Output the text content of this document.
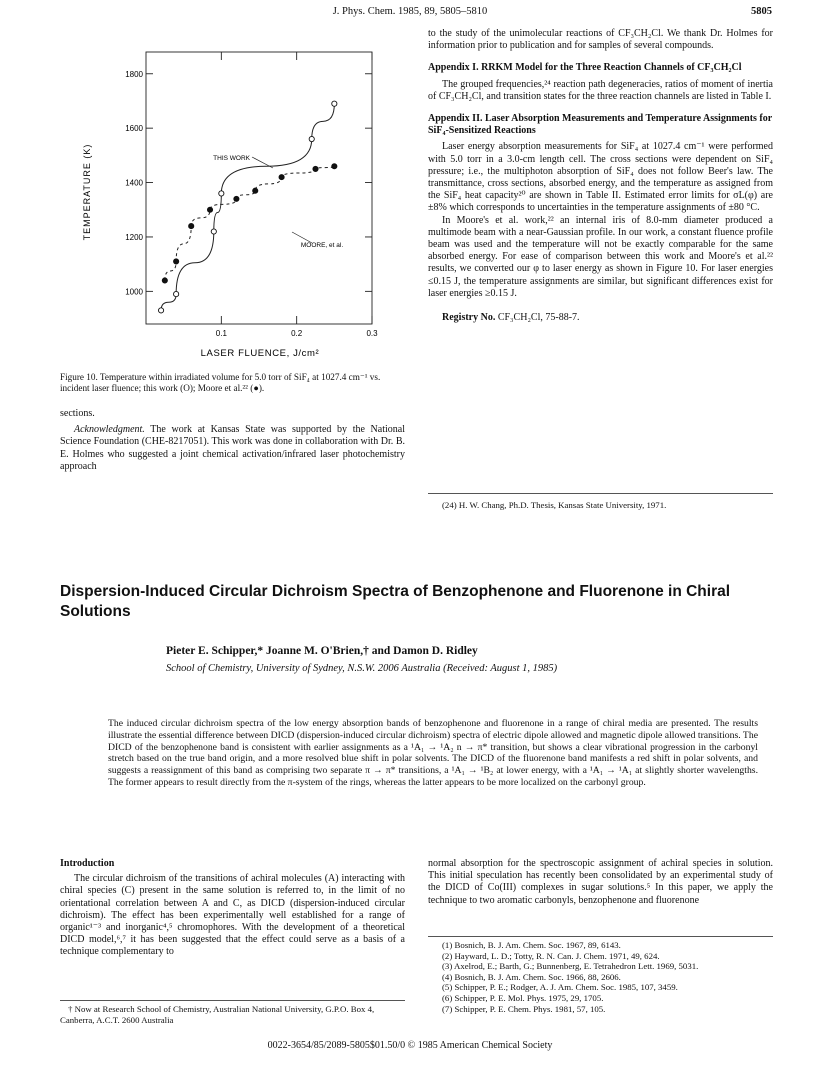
J. Phys. Chem. 1985, 89, 5805–5810	5805
1000
1200
1400
1600
1800
0.1	0.2	0.3
TEMPERATURE (K)
LASER FLUENCE, J/cm²
THIS WORK
MOORE, et al.
Figure 10. Temperature within irradiated volume for 5.0 torr of SiF₄ at 1027.4 cm⁻¹ vs. incident laser fluence; this work (O); Moore et al.²² (●).

sections.

Acknowledgment. The work at Kansas State was supported by the National Science Foundation (CHE-8217051). This work was done in collaboration with Dr. B. E. Holmes who suggested a joint chemical activation/infrared laser photochemistry approach

to the study of the unimolecular reactions of CF₃CH₂Cl. We thank Dr. Holmes for information prior to publication and for samples of several compounds.

Appendix I. RRKM Model for the Three Reaction Channels of CF₃CH₂Cl

The grouped frequencies,²⁴ reaction path degeneracies, ratios of moment of inertia of CF₃CH₂Cl, and transition states for the three reaction channels are listed in Table I.

Appendix II. Laser Absorption Measurements and Temperature Assignments for SiF₄-Sensitized Reactions

Laser energy absorption measurements for SiF₄ at 1027.4 cm⁻¹ were performed with 5.0 torr in a 3.0-cm length cell. The cross sections were dependent on SiF₄ pressure; i.e., the multiphoton absorption of SiF₄ does not follow Beer's law. The transmittance, cross sections, absorbed energy, and the temperature as assigned from the SiF₄ heat capacity²⁰ are shown in Table II. Estimated error limits for σL(φ) are ±8% which corresponds to uncertainties in the temperature assignments of ±80 °C.

In Moore's et al. work,²² an internal iris of 8.0-mm diameter produced a multimode beam with a near-Gaussian profile. In our work, a constant fluence profile beam was used and the temperature will not be exactly comparable for the same absorbed energy. For ease of comparison between this work and Moore's et al.²² results, we converted our φ to laser energy as shown in Figure 10. For laser energies ≤0.15 J, the temperature assignments are similar, but significant differences exist for laser energies ≥0.15 J.

Registry No. CF₃CH₂Cl, 75-88-7.

(24) H. W. Chang, Ph.D. Thesis, Kansas State University, 1971.
Dispersion-Induced Circular Dichroism Spectra of Benzophenone and Fluorenone in Chiral Solutions
Pieter E. Schipper,* Joanne M. O'Brien,† and Damon D. Ridley
School of Chemistry, University of Sydney, N.S.W. 2006 Australia (Received: August 1, 1985)
The induced circular dichroism spectra of the low energy absorption bands of benzophenone and fluorenone in a range of chiral media are presented. The results illustrate the essential difference between DICD (dispersion-induced circular dichroism) spectra of electric dipole allowed and magnetic dipole allowed transitions. The DICD of the benzophenone band is consistent with earlier assignments as a ¹A₁ → ¹A₂ n → π* transition, but shows a clear vibrational progression in the carbonyl stretch based on the true band origin, and a more resolved blue shift in polar solvents. The DICD of the fluorenone band manifests a red shift in polar solvents, and suggests a reassignment of this band as comprising two separate π → π* transitions, a ¹A₁ → ¹B₂ at lower energy, with a ¹A₁ → ¹A₁ at slightly shorter wavelengths. The former appears to result directly from the π-system of the rings, whereas the latter appears to be more localized on the carbonyl group.

Introduction

The circular dichroism of the transitions of achiral molecules (A) interacting with chiral species (C) present in the same solution is referred to, in the limit of no orientational correlation between A and C, as DICD (dispersion-induced circular dichroism). The effect has been experimentally well established for a range of organic¹⁻³ and inorganic⁴,⁵ chromophores. With the development of a theoretical DICD model,⁶,⁷ it has been suggested that the effect could serve as a basis of a technique complementary to

† Now at Research School of Chemistry, Australian National University, G.P.O. Box 4, Canberra, A.C.T. 2600 Australia

normal absorption for the spectroscopic assignment of achiral species in solution. This initial speculation has recently been consolidated by an experimental study of the DICD of Co(III) complexes in sugar solutions.⁵ In this paper, we apply the technique to two aromatic carbonyls, benzophenone and fluorenone

(1) Bosnich, B. J. Am. Chem. Soc. 1967, 89, 6143.
(2) Hayward, L. D.; Totty, R. N. Can. J. Chem. 1971, 49, 624.
(3) Axelrod, E.; Barth, G.; Bunnenberg, E. Tetrahedron Lett. 1969, 5031.
(4) Bosnich, B. J. Am. Chem. Soc. 1966, 88, 2606.
(5) Schipper, P. E.; Rodger, A. J. Am. Chem. Soc. 1985, 107, 3459.
(6) Schipper, P. E. Mol. Phys. 1975, 29, 1705.
(7) Schipper, P. E. Chem. Phys. 1981, 57, 105.
0022-3654/85/2089-5805$01.50/0 © 1985 American Chemical Society
